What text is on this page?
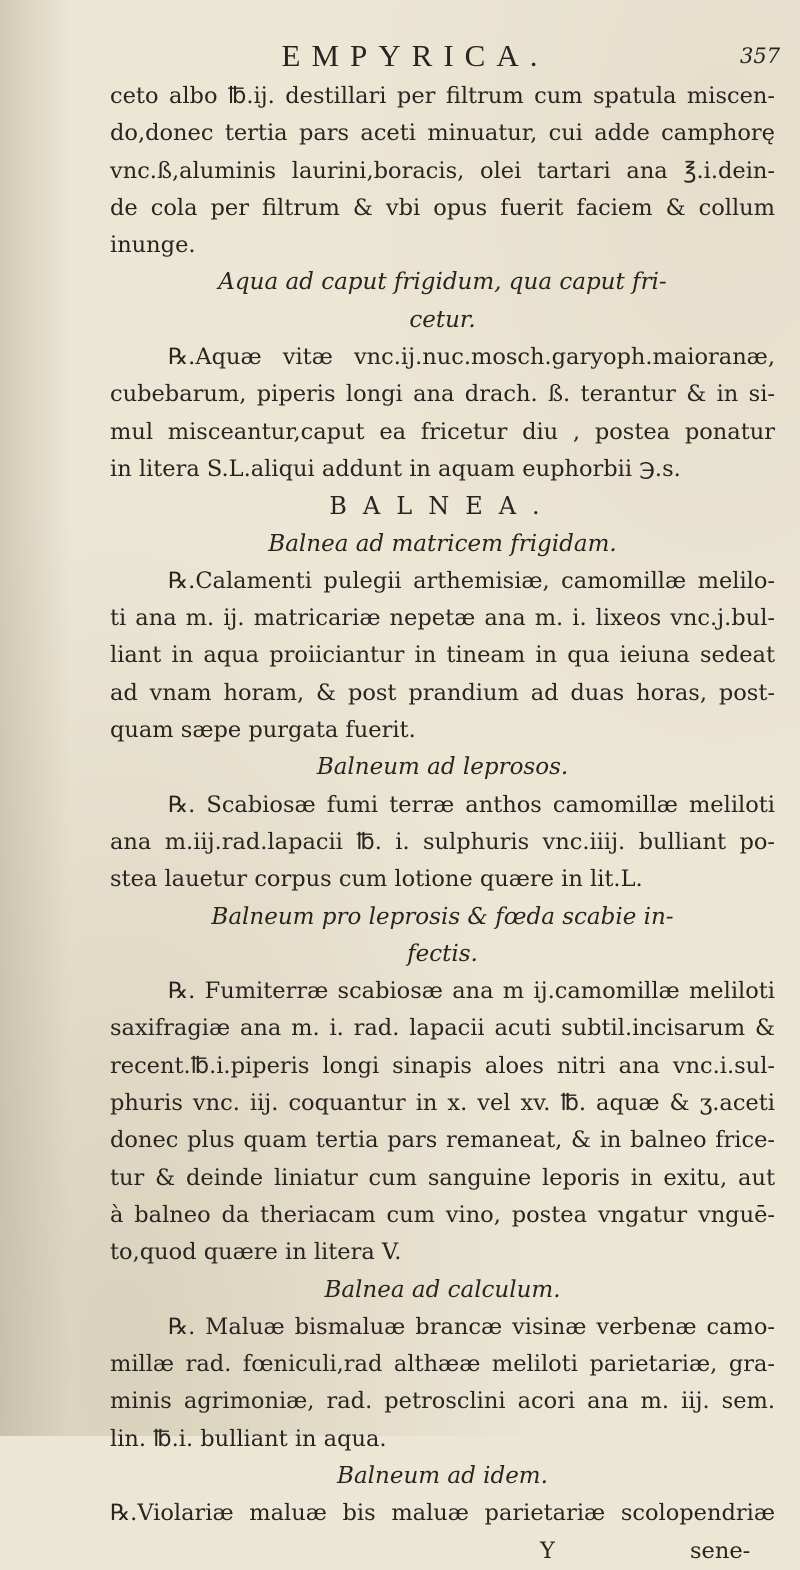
EMPYRICA.	357
ceto albo ℔.ij. destillari per filtrum cum spatula miscen-
do,donec tertia pars aceti minuatur, cui adde camphorę
vnc.ß,aluminis laurini,boracis, olei tartari ana ℥.i.dein-
de cola per filtrum & vbi opus fuerit faciem & collum
inunge.
Aqua ad caput frigidum, qua caput fri-
cetur.
℞.Aquæ vitæ vnc.ij.nuc.mosch.garyoph.maioranæ,
cubebarum, piperis longi ana drach. ß. terantur & in si-
mul misceantur,caput ea fricetur diu , postea ponatur
in litera S.L.aliqui addunt in aquam euphorbii ℈.s.
BALNEA.
Balnea ad matricem frigidam.
℞.Calamenti pulegii arthemisiæ, camomillæ melilo-
ti ana m. ij. matricariæ nepetæ ana m. i. lixeos vnc.j.bul-
liant in aqua proiiciantur in tineam in qua ieiuna sedeat
ad vnam horam, & post prandium ad duas horas, post-
quam sæpe purgata fuerit.
Balneum ad leprosos.
℞. Scabiosæ fumi terræ anthos camomillæ meliloti
ana m.iij.rad.lapacii ℔. i. sulphuris vnc.iiij. bulliant po-
stea lauetur corpus cum lotione quære in lit.L.
Balneum pro leprosis & fœda scabie in-
fectis.
℞. Fumiterræ scabiosæ ana m ij.camomillæ meliloti
saxifragiæ ana m. i. rad. lapacii acuti subtil.incisarum &
recent.℔.i.piperis longi sinapis aloes nitri ana vnc.i.sul-
phuris vnc. iij. coquantur in x. vel xv. ℔. aquæ & ʒ.aceti
donec plus quam tertia pars remaneat, & in balneo frice-
tur & deinde liniatur cum sanguine leporis in exitu, aut
à balneo da theriacam cum vino, postea vngatur vnguē-
to,quod quære in litera V.
Balnea ad calculum.
℞. Maluæ bismaluæ brancæ visinæ verbenæ camo-
millæ rad. fœniculi,rad althææ meliloti parietariæ, gra-
minis agrimoniæ, rad. petrosclini acori ana m. iij. sem.
lin. ℔.i. bulliant in aqua.
Balneum ad idem.
℞.Violariæ maluæ bis maluæ parietariæ scolopendriæ
Y	sene-
